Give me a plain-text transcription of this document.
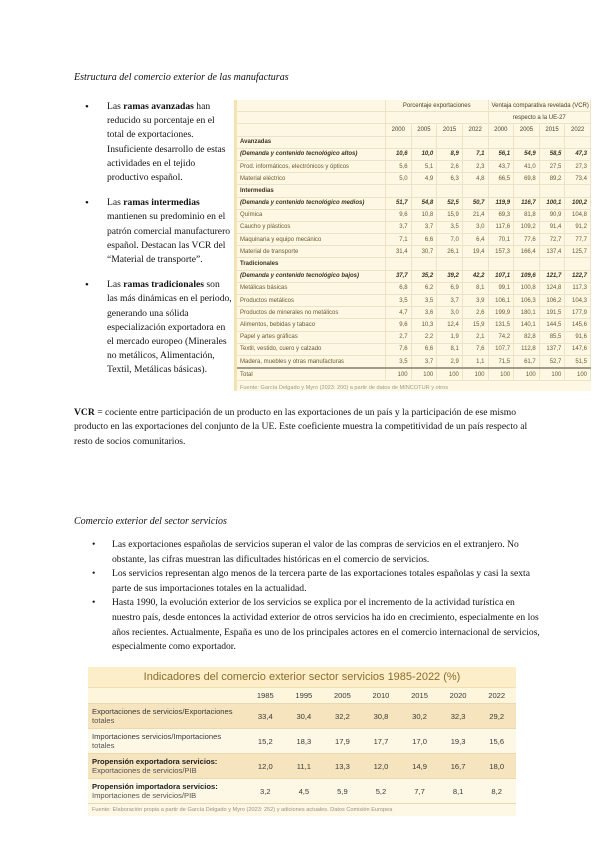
Estructura del comercio exterior de las manufacturas
• Las ramas avanzadas han reducido su porcentaje en el total de exportaciones. Insuficiente desarrollo de estas actividades en el tejido productivo español.
• Las ramas intermedias mantienen su predominio en el patrón comercial manufacturero español. Destacan las VCR del “Material de transporte”.
• Las ramas tradicionales son las más dinámicas en el periodo, generando una sólida especialización exportadora en el mercado europeo (Minerales no metálicos, Alimentación, Textil, Metálicas básicas).
	Porcentaje exportaciones				Ventaja comparativa revelada (VCR)			
					respecto a la UE-27			
	2000	2005	2015	2022	2000	2005	2015	2022
Avanzadas								
(Demanda y contenido tecnológico altos)	10,6	10,0	8,9	7,1	56,1	54,9	58,5	47,3
Prod. informáticos, electrónicos y ópticos	5,6	5,1	2,6	2,3	43,7	41,0	27,5	27,3
Material eléctrico	5,0	4,9	6,3	4,8	66,5	69,8	89,2	73,4
Intermedias								
(Demanda y contenido tecnológico medios)	51,7	54,8	52,5	50,7	119,9	116,7	100,1	100,2
Química	9,6	10,8	15,9	21,4	69,3	81,8	90,9	104,8
Caucho y plásticos	3,7	3,7	3,5	3,0	117,6	109,2	91,4	91,2
Maquinaria y equipo mecánico	7,1	6,6	7,0	6,4	70,1	77,6	72,7	77,7
Material de transporte	31,4	30,7	26,1	19,4	157,3	166,4	137,4	125,7
Tradicionales								
(Demanda y contenido tecnológico bajos)	37,7	35,2	39,2	42,2	107,1	109,6	121,7	122,7
Metálicas básicas	6,8	6,2	6,9	8,1	99,1	100,8	124,8	117,3
Productos metálicos	3,5	3,5	3,7	3,9	106,1	106,3	106,2	104,3
Productos de minerales no metálicos	4,7	3,6	3,0	2,6	199,9	180,1	191,5	177,9
Alimentos, bebidas y tabaco	9,6	10,3	12,4	15,9	131,5	140,1	144,5	145,6
Papel y artes gráficas	2,7	2,2	1,9	2,1	74,2	82,8	85,5	91,6
Textil, vestido, cuero y calzado	7,6	6,6	8,1	7,6	107,7	112,8	137,7	147,6
Madera, muebles y otras manufacturas	3,5	3,7	2,9	1,1	71,5	61,7	52,7	51,5
Total	100	100	100	100	100	100	100	100
Fuente: García Delgado y Myro (2023: 200) a partir de datos de MINCOTUR y otros
VCR = cociente entre participación de un producto en las exportaciones de un país y la participación de ese mismo producto en las exportaciones del conjunto de la UE. Este coeficiente muestra la competitividad de un país respecto al resto de socios comunitarios.
Comercio exterior del sector servicios
• Las exportaciones españolas de servicios superan el valor de las compras de servicios en el extranjero. No obstante, las cifras muestran las dificultades históricas en el comercio de servicios.
• Los servicios representan algo menos de la tercera parte de las exportaciones totales españolas y casi la sexta parte de sus importaciones totales en la actualidad.
• Hasta 1990, la evolución exterior de los servicios se explica por el incremento de la actividad turística en nuestro país, desde entonces la actividad exterior de otros servicios ha ido en crecimiento, especialmente en los años recientes. Actualmente, España es uno de los principales actores en el comercio internacional de servicios, especialmente como exportador.
Indicadores del comercio exterior sector servicios 1985-2022 (%)
	1985	1995	2005	2010	2015	2020	2022

Exportaciones de servicios/Exportaciones
totales	33,4	30,4	32,2	30,8	30,2	32,3	29,2

Importaciones servicios/Importaciones
totales	15,2	18,3	17,9	17,7	17,0	19,3	15,6

Propensión exportadora servicios:
Exportaciones de servicios/PIB	12,0	11,1	13,3	12,0	14,9	16,7	18,0

Propensión importadora servicios:
Importaciones de servicios/PIB	3,2	4,5	5,9	5,2	7,7	8,1	8,2
Fuente: Elaboración propia a partir de García Delgado y Myro (2023: 252) y adiciones actuales. Datos Comisión Europea
